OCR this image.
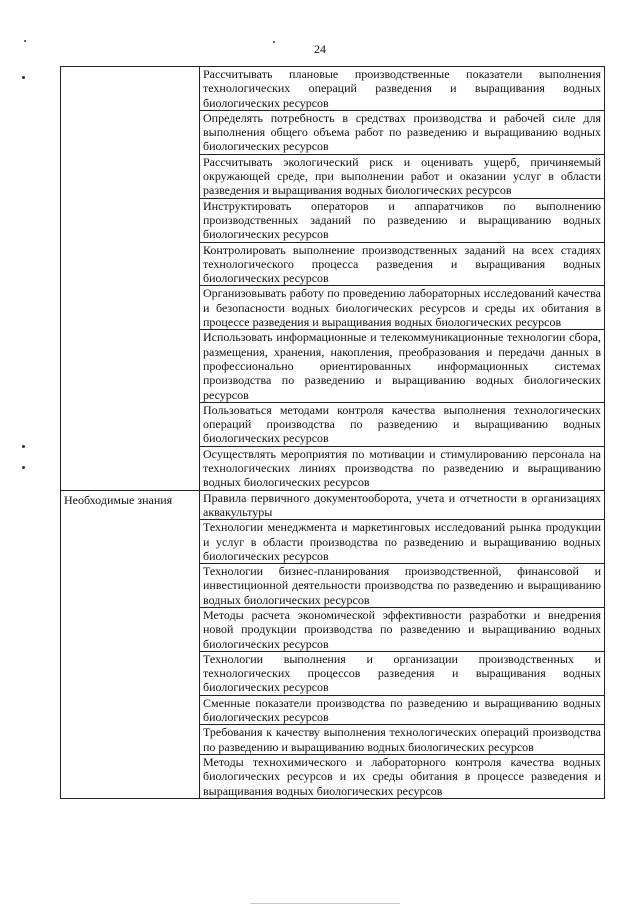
24
	Рассчитывать плановые производственные показатели выполнения технологических операций разведения и выращивания водных биологических ресурсов
	Определять потребность в средствах производства и рабочей силе для выполнения общего объема работ по разведению и выращиванию водных биологических ресурсов
	Рассчитывать экологический риск и оценивать ущерб, причиняемый окружающей среде, при выполнении работ и оказании услуг в области разведения и выращивания водных биологических ресурсов
	Инструктировать операторов и аппаратчиков по выполнению производственных заданий по разведению и выращиванию водных биологических ресурсов
	Контролировать выполнение производственных заданий на всех стадиях технологического процесса разведения и выращивания водных биологических ресурсов
	Организовывать работу по проведению лабораторных исследований качества и безопасности водных биологических ресурсов и среды их обитания в процессе разведения и выращивания водных биологических ресурсов
	Использовать информационные и телекоммуникационные технологии сбора, размещения, хранения, накопления, преобразования и передачи данных в профессионально ориентированных информационных системах производства по разведению и выращиванию водных биологических ресурсов
	Пользоваться методами контроля качества выполнения технологических операций производства по разведению и выращиванию водных биологических ресурсов
	Осуществлять мероприятия по мотивации и стимулированию персонала на технологических линиях производства по разведению и выращиванию водных биологических ресурсов
Необходимые знания	Правила первичного документооборота, учета и отчетности в организациях аквакультуры
	Технологии менеджмента и маркетинговых исследований рынка продукции и услуг в области производства по разведению и выращиванию водных биологических ресурсов
	Технологии бизнес-планирования производственной, финансовой и инвестиционной деятельности производства по разведению и выращиванию водных биологических ресурсов
	Методы расчета экономической эффективности разработки и внедрения новой продукции производства по разведению и выращиванию водных биологических ресурсов
	Технологии выполнения и организации производственных и технологических процессов разведения и выращивания водных биологических ресурсов
	Сменные показатели производства по разведению и выращиванию водных биологических ресурсов
	Требования к качеству выполнения технологических операций производства по разведению и выращиванию водных биологических ресурсов
	Методы технохимического и лабораторного контроля качества водных биологических ресурсов и их среды обитания в процессе разведения и выращивания водных биологических ресурсов
